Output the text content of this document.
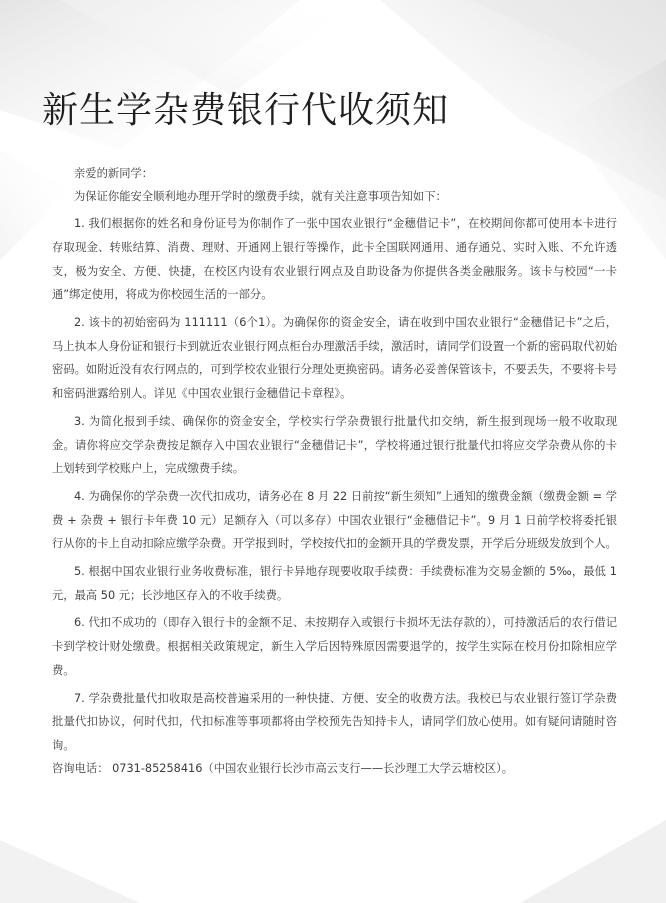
新生学杂费银行代收须知

亲爱的新同学：

为保证你能安全顺利地办理开学时的缴费手续，就有关注意事项告知如下：

1. 我们根据你的姓名和身份证号为你制作了一张中国农业银行“金穗借记卡”，在校期间你都可使用本卡进行存取现金、转账结算、消费、理财、开通网上银行等操作，此卡全国联网通用、通存通兑、实时入账、不允许透支，极为安全、方便、快捷，在校区内设有农业银行网点及自助设备为你提供各类金融服务。该卡与校园“一卡通”绑定使用，将成为你校园生活的一部分。

2. 该卡的初始密码为 111111（6个1）。为确保你的资金安全，请在收到中国农业银行“金穗借记卡”之后，马上执本人身份证和银行卡到就近农业银行网点柜台办理激活手续，激活时，请同学们设置一个新的密码取代初始密码。如附近没有农行网点的，可到学校农业银行分理处更换密码。请务必妥善保管该卡，不要丢失，不要将卡号和密码泄露给别人。详见《中国农业银行金穗借记卡章程》。

3. 为简化报到手续、确保你的资金安全，学校实行学杂费银行批量代扣交纳，新生报到现场一般不收取现金。请你将应交学杂费按足额存入中国农业银行“金穗借记卡”，学校将通过银行批量代扣将应交学杂费从你的卡上划转到学校账户上，完成缴费手续。

4. 为确保你的学杂费一次代扣成功，请务必在 8 月 22 日前按“新生须知”上通知的缴费金额（缴费金额 = 学费 + 杂费 + 银行卡年费 10 元）足额存入（可以多存）中国农业银行“金穗借记卡”。9 月 1 日前学校将委托银行从你的卡上自动扣除应缴学杂费。开学报到时，学校按代扣的金额开具的学费发票，开学后分班级发放到个人。

5. 根据中国农业银行业务收费标准，银行卡异地存现要收取手续费：手续费标准为交易金额的 5‰，最低 1 元，最高 50 元；长沙地区存入的不收手续费。

6. 代扣不成功的（即存入银行卡的金额不足、未按期存入或银行卡损坏无法存款的），可持激活后的农行借记卡到学校计财处缴费。根据相关政策规定，新生入学后因特殊原因需要退学的，按学生实际在校月份扣除相应学费。

7. 学杂费批量代扣收取是高校普遍采用的一种快捷、方便、安全的收费方法。我校已与农业银行签订学杂费批量代扣协议，何时代扣，代扣标准等事项都将由学校预先告知持卡人，请同学们放心使用。如有疑问请随时咨询。

咨询电话： 0731-85258416（中国农业银行长沙市高云支行——长沙理工大学云塘校区）。
